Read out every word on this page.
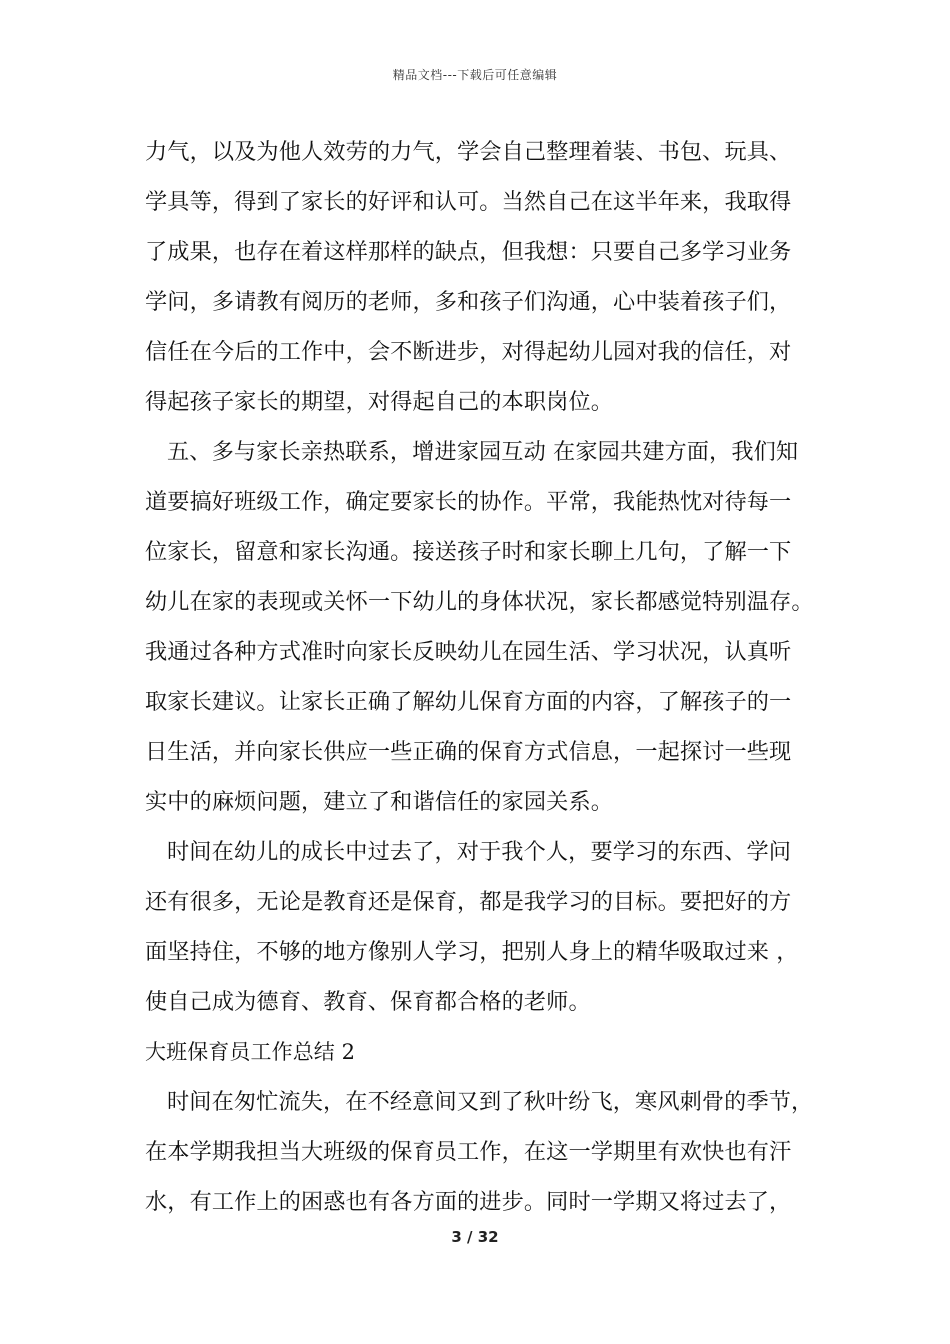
精品文档---下载后可任意编辑
力气，以及为他人效劳的力气，学会自己整理着装、书包、玩具、
学具等，得到了家长的好评和认可。当然自己在这半年来，我取得
了成果，也存在着这样那样的缺点，但我想：只要自己多学习业务
学问，多请教有阅历的老师，多和孩子们沟通，心中装着孩子们，
信任在今后的工作中，会不断进步，对得起幼儿园对我的信任，对
得起孩子家长的期望，对得起自己的本职岗位。
五、多与家长亲热联系，增进家园互动 在家园共建方面，我们知
道要搞好班级工作，确定要家长的协作。平常，我能热忱对待每一
位家长，留意和家长沟通。接送孩子时和家长聊上几句，了解一下
幼儿在家的表现或关怀一下幼儿的身体状况，家长都感觉特别温存。
我通过各种方式准时向家长反映幼儿在园生活、学习状况，认真听
取家长建议。让家长正确了解幼儿保育方面的内容，了解孩子的一
日生活，并向家长供应一些正确的保育方式信息，一起探讨一些现
实中的麻烦问题，建立了和谐信任的家园关系。
时间在幼儿的成长中过去了，对于我个人，要学习的东西、学问
还有很多，无论是教育还是保育，都是我学习的目标。要把好的方
面坚持住，不够的地方像别人学习，把别人身上的精华吸取过来 ，
使自己成为德育、教育、保育都合格的老师。
大班保育员工作总结 2
时间在匆忙流失，在不经意间又到了秋叶纷飞，寒风刺骨的季节，
在本学期我担当大班级的保育员工作，在这一学期里有欢快也有汗
水，有工作上的困惑也有各方面的进步。同时一学期又将过去了，
3 / 32
